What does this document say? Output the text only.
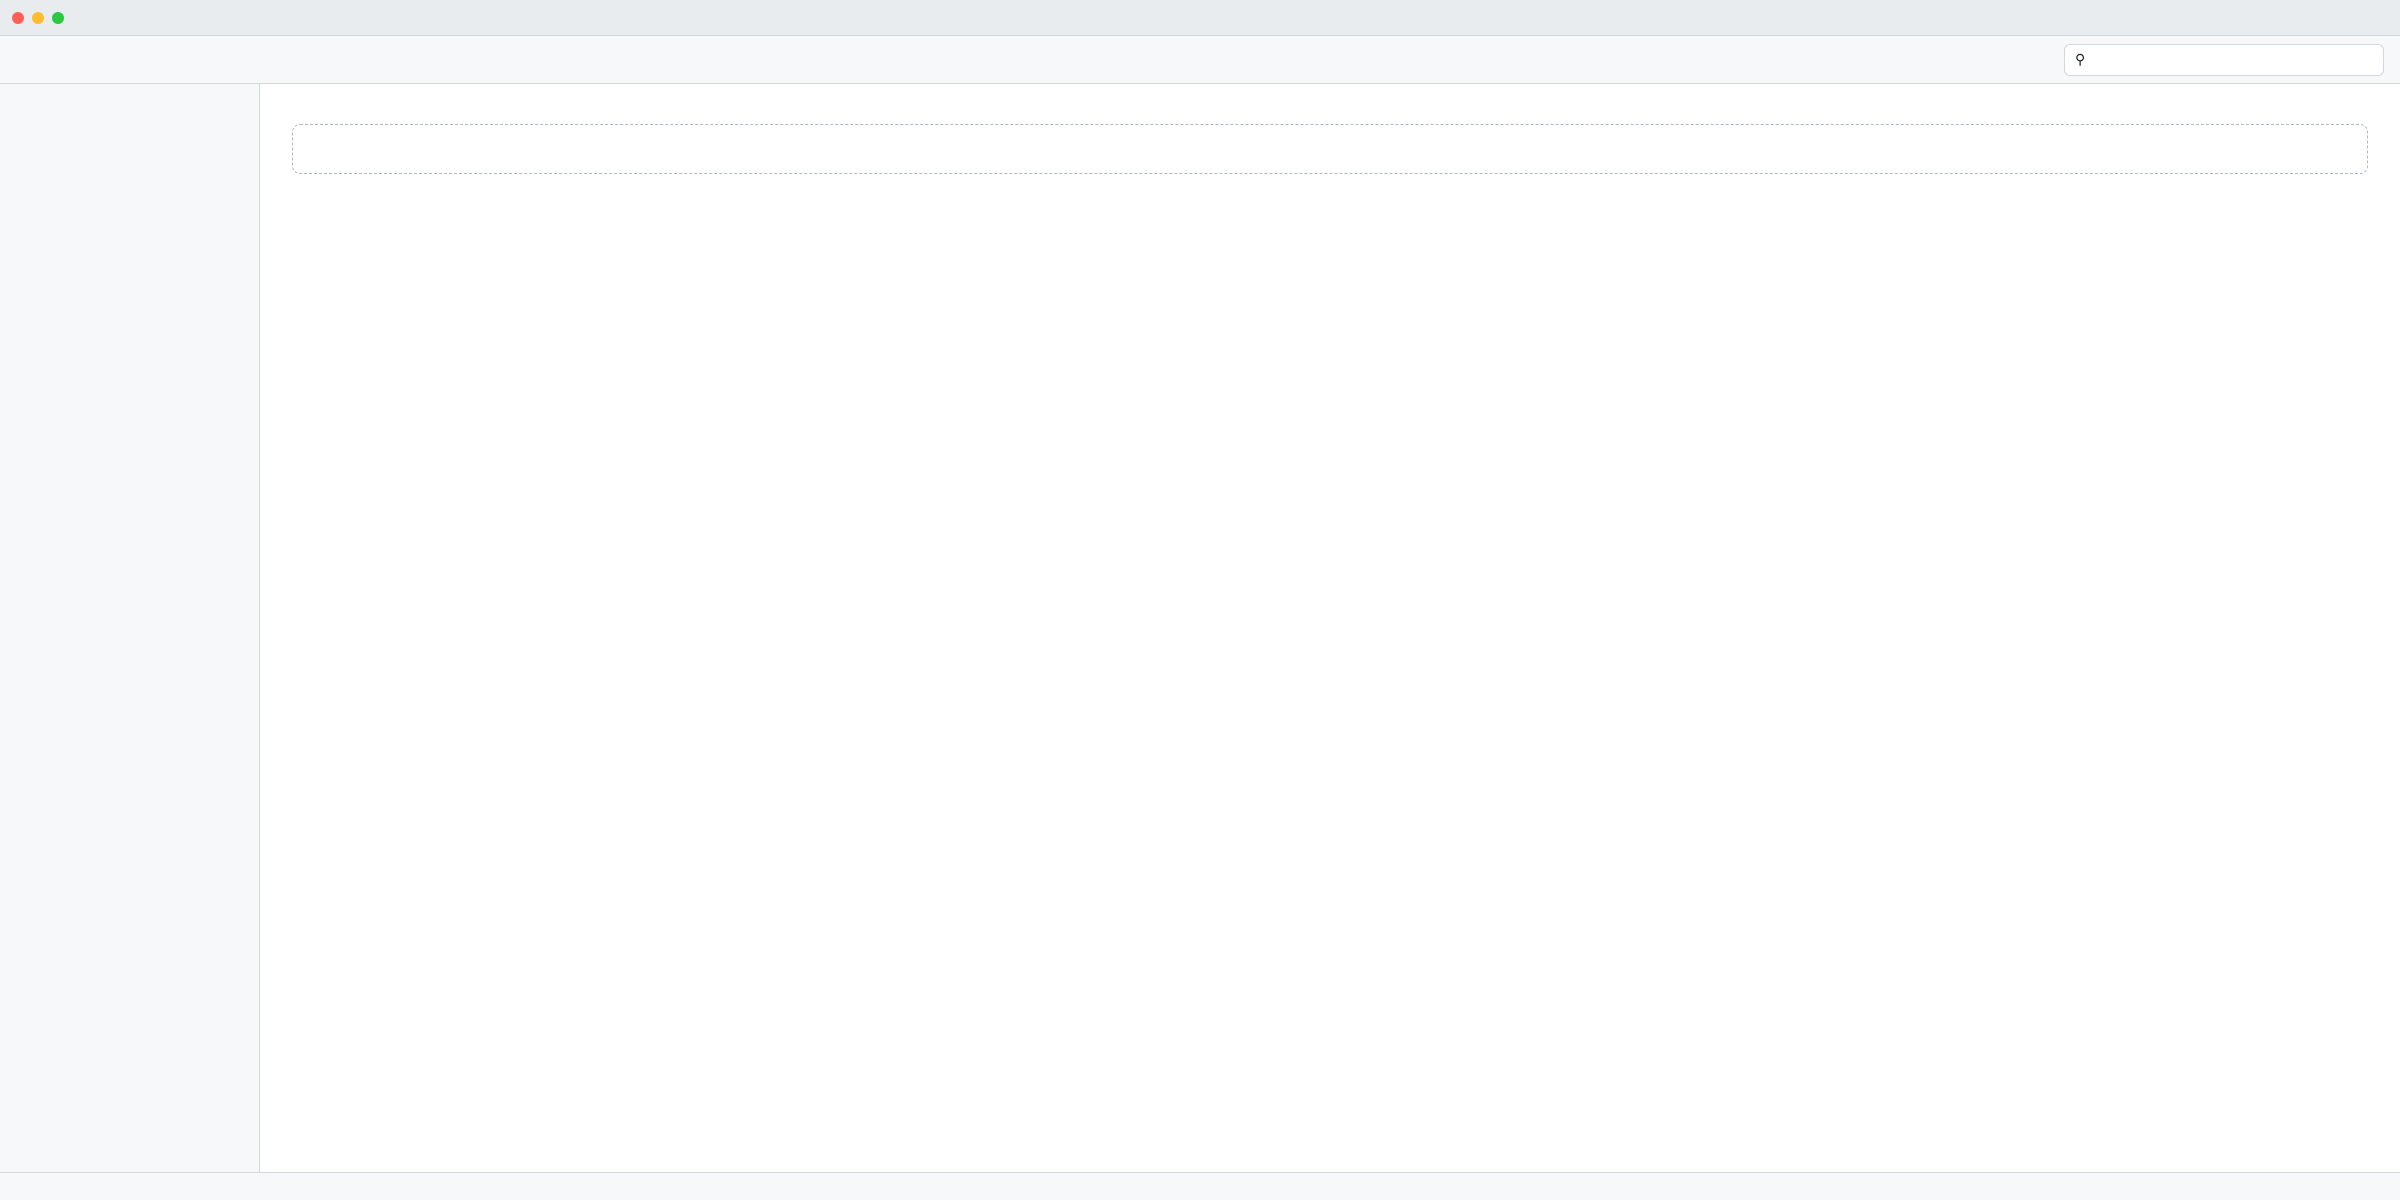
⚲
